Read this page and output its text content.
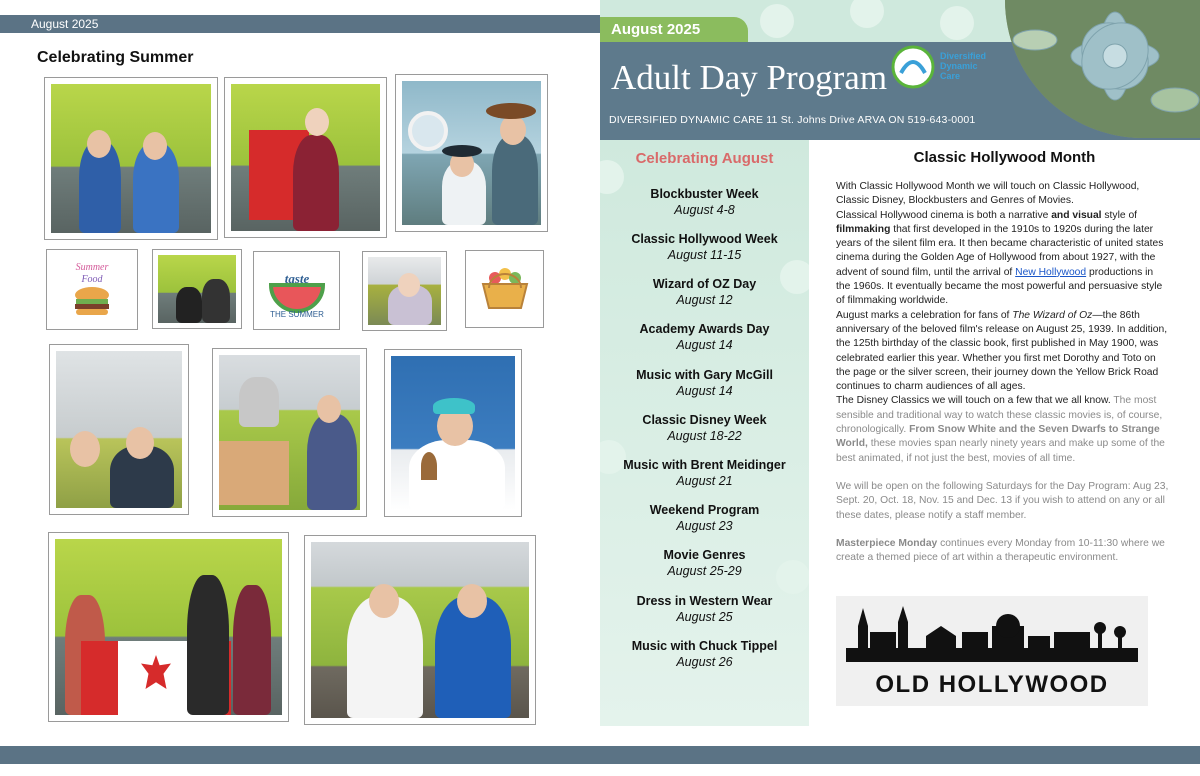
August 2025
Celebrating Summer
Summer
Food	taste
THE SUMMER
August 2025
Adult Day Program
Diversified
Dynamic
Care
DIVERSIFIED DYNAMIC CARE 11 St. Johns Drive ARVA ON 519-643-0001
Celebrating August
Blockbuster Week
August 4-8
Classic Hollywood Week
August 11-15
Wizard of OZ Day
August 12
Academy Awards Day
August 14
Music with Gary McGill
August 14
Classic Disney Week
August 18-22
Music with Brent Meidinger
August 21
Weekend Program
August 23
Movie Genres
August 25-29
Dress in Western Wear
August 25
Music with Chuck Tippel
August 26
Classic Hollywood Month

With Classic Hollywood Month we will touch on Classic Hollywood, Classic Disney, Blockbusters and Genres of Movies.

Classical Hollywood cinema is both a narrative and visual style of filmmaking that first developed in the 1910s to 1920s during the later years of the silent film era. It then became characteristic of united states cinema during the Golden Age of Hollywood from about 1927, with the advent of sound film, until the arrival of New Hollywood productions in the 1960s. It eventually became the most powerful and persuasive style of filmmaking worldwide.

August marks a celebration for fans of The Wizard of Oz—the 86th anniversary of the beloved film's release on August 25, 1939. In addition, the 125th birthday of the classic book, first published in May 1900, was celebrated earlier this year. Whether you first met Dorothy and Toto on the page or the silver screen, their journey down the Yellow Brick Road continues to charm audiences of all ages.

The Disney Classics we will touch on a few that we all know. The most sensible and traditional way to watch these classic movies is, of course, chronologically. From Snow White and the Seven Dwarfs to Strange World, these movies span nearly ninety years and make up some of the best animated, if not just the best, movies of all time.

We will be open on the following Saturdays for the Day Program: Aug 23, Sept. 20, Oct. 18, Nov. 15 and Dec. 13 if you wish to attend on any or all these dates, please notify a staff member.

Masterpiece Monday continues every Monday from 10-11:30 where we create a themed piece of art within a therapeutic environment.

OLD HOLLYWOOD
